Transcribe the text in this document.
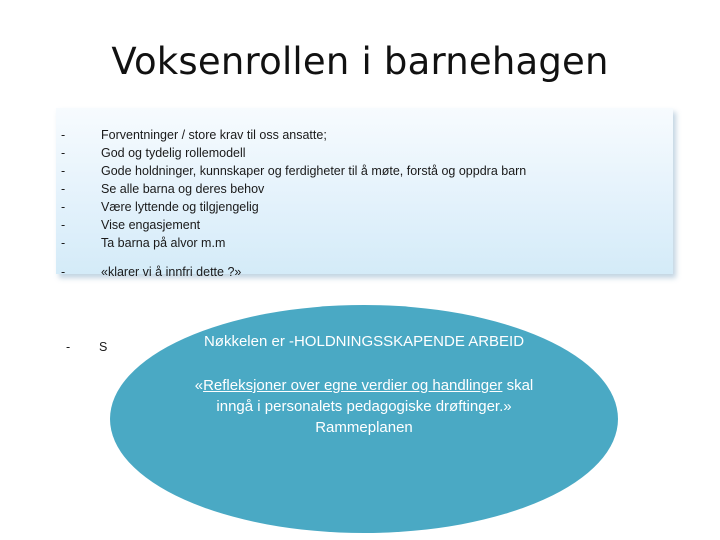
Voksenrollen i barnehagen
-	Forventninger / store krav til oss ansatte;
-	God og tydelig rollemodell
-	Gode holdninger, kunnskaper og ferdigheter til å møte, forstå og oppdra barn
-	Se alle barna og deres behov
-	Være lyttende og tilgjengelig
-	Vise engasjement
-	Ta barna på alvor m.m
-	«klarer vi å innfri dette ?»
- S	Nøkkelen er -HOLDNINGSSKAPENDE ARBEID
«Refleksjoner over egne verdier og handlinger skal
inngå i personalets pedagogiske drøftinger.»
Rammeplanen
